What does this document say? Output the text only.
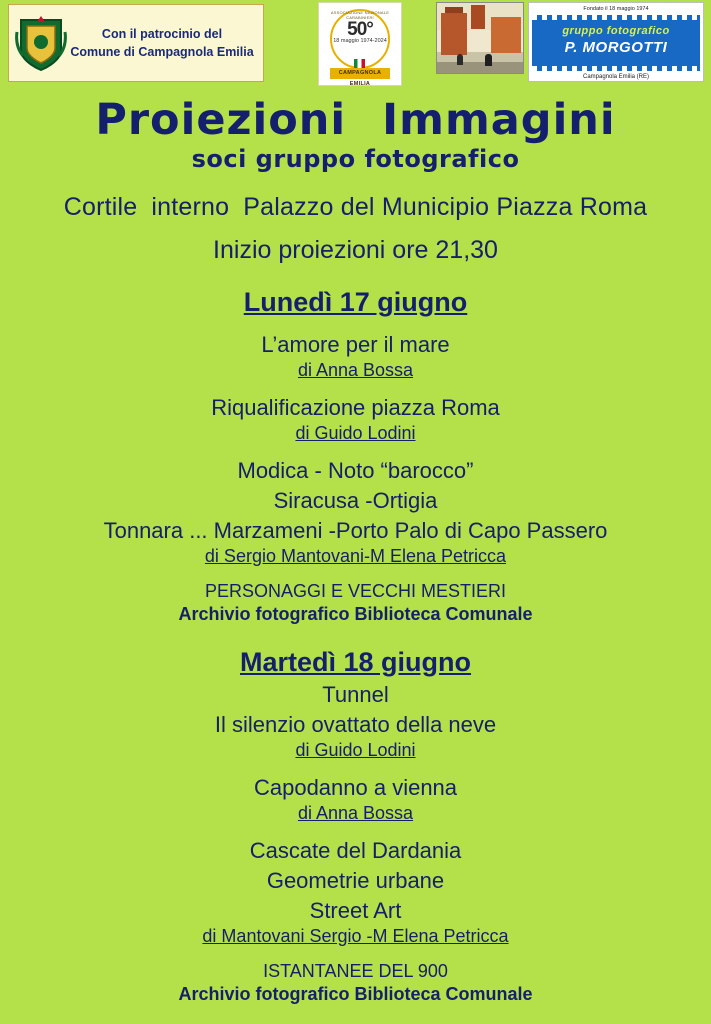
Con il patrocinio del
Comune di Campagnola Emilia
ASSOCIAZIONE NAZIONALE CARABINIERI
50°
18 maggio 1974-2024
CAMPAGNOLA EMILIA
Fondato il 18 maggio 1974
gruppo fotografico
P. MORGOTTI
Campagnola Emilia (RE)
Proiezioni Immagini
soci gruppo fotografico
Cortile interno Palazzo del Municipio Piazza Roma
Inizio proiezioni ore 21,30
Lunedì 17 giugno
L’amore per il mare
di Anna Bossa
Riqualificazione piazza Roma
di Guido Lodini
Modica - Noto “barocco”
Siracusa -Ortigia
Tonnara ... Marzameni -Porto Palo di Capo Passero
di Sergio Mantovani-M Elena Petricca
PERSONAGGI E VECCHI MESTIERI
Archivio fotografico Biblioteca Comunale
Martedì 18 giugno
Tunnel
Il silenzio ovattato della neve
di Guido Lodini
Capodanno a vienna
di Anna Bossa
Cascate del Dardania
Geometrie urbane
Street Art
di Mantovani Sergio -M Elena Petricca
ISTANTANEE DEL 900
Archivio fotografico Biblioteca Comunale
